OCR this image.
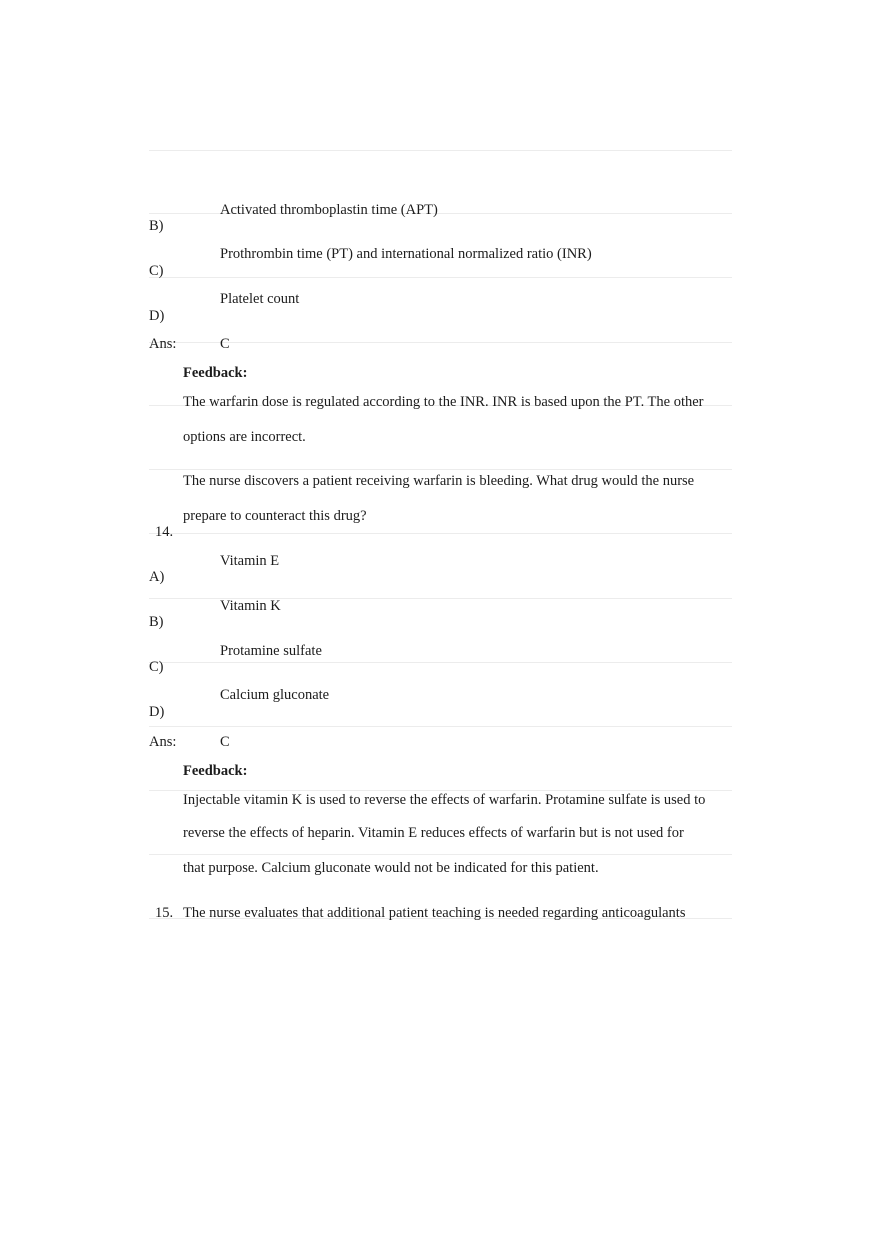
Activated thromboplastin time (APT)
B)
Prothrombin time (PT) and international normalized ratio (INR)
C)
Platelet count
D)
Ans:	C
Feedback:
The warfarin dose is regulated according to the INR. INR is based upon the PT. The other
options are incorrect.
The nurse discovers a patient receiving warfarin is bleeding. What drug would the nurse
prepare to counteract this drug?
14.
Vitamin E
A)
Vitamin K
B)
Protamine sulfate
C)
Calcium gluconate
D)
Ans:	C
Feedback:
Injectable vitamin K is used to reverse the effects of warfarin. Protamine sulfate is used to
reverse the effects of heparin. Vitamin E reduces effects of warfarin but is not used for
that purpose. Calcium gluconate would not be indicated for this patient.
15. The nurse evaluates that additional patient teaching is needed regarding anticoagulants
